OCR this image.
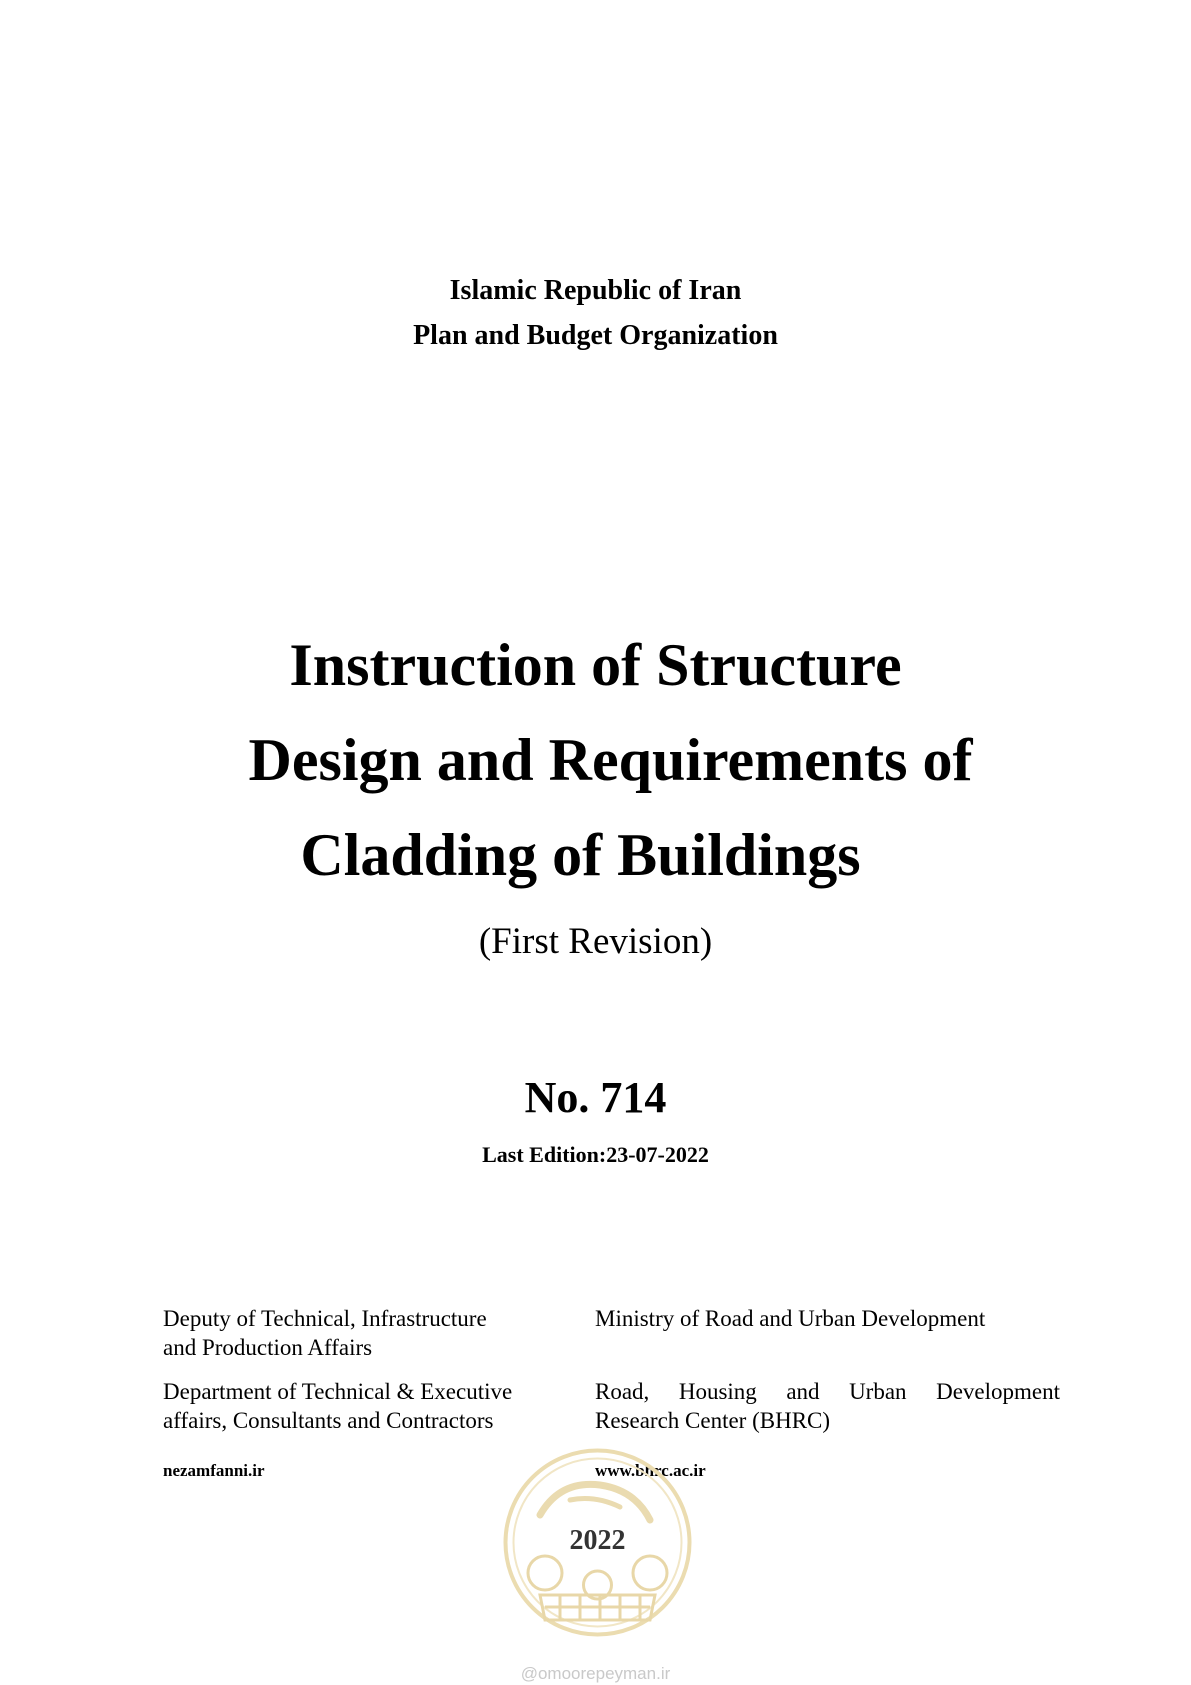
Islamic Republic of Iran
Plan and Budget Organization
Instruction of Structure
Design and Requirements of
Cladding of Buildings
(First Revision)
No. 714
Last Edition:23-07-2022
Deputy of Technical, Infrastructure
and Production Affairs
Ministry of Road and Urban Development
Department of Technical & Executive
affairs, Consultants and Contractors
Road, Housing and Urban Development
Research Center (BHRC)
nezamfanni.ir	www.bhrc.ac.ir
2022
@omoorepeyman.ir
